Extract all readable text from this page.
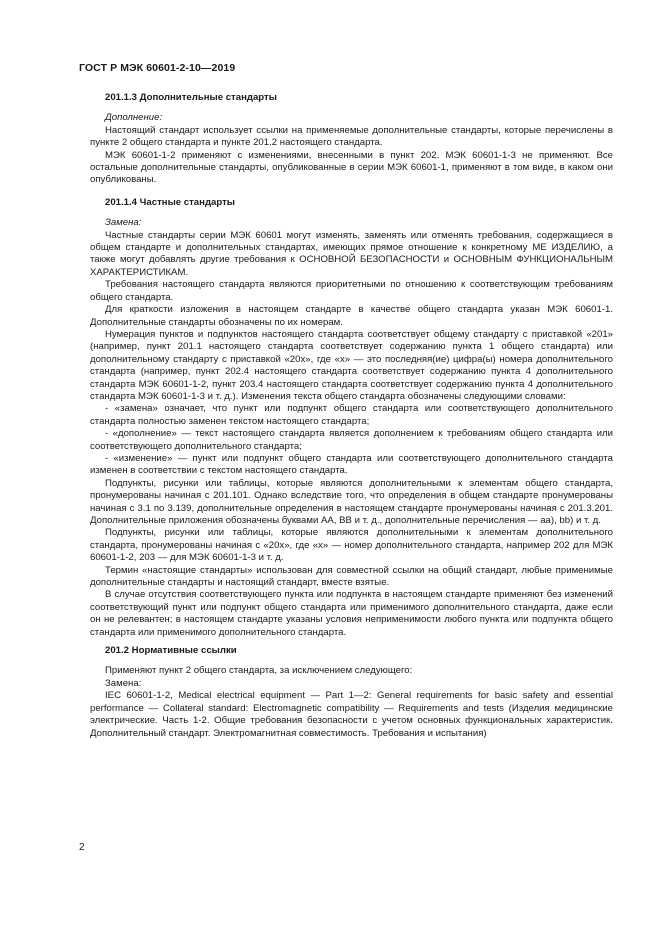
ГОСТ Р МЭК 60601-2-10—2019
201.1.3 Дополнительные стандарты

Дополнение:

Настоящий стандарт использует ссылки на применяемые дополнительные стандарты, которые перечислены в пункте 2 общего стандарта и пункте 201.2 настоящего стандарта.

МЭК 60601-1-2 применяют с изменениями, внесенными в пункт 202. МЭК 60601-1-3 не применяют. Все остальные дополнительные стандарты, опубликованные в серии МЭК 60601-1, применяют в том виде, в каком они опубликованы.

201.1.4 Частные стандарты

Замена:

Частные стандарты серии МЭК 60601 могут изменять, заменять или отменять требования, содержащиеся в общем стандарте и дополнительных стандартах, имеющих прямое отношение к конкретному МЕ ИЗДЕЛИЮ, а также могут добавлять другие требования к ОСНОВНОЙ БЕЗОПАСНОСТИ и ОСНОВНЫМ ФУНКЦИОНАЛЬНЫМ ХАРАКТЕРИСТИКАМ.

Требования настоящего стандарта являются приоритетными по отношению к соответствующим требованиям общего стандарта.

Для краткости изложения в настоящем стандарте в качестве общего стандарта указан МЭК 60601-1. Дополнительные стандарты обозначены по их номерам.

Нумерация пунктов и подпунктов настоящего стандарта соответствует общему стандарту с приставкой «201» (например, пункт 201.1 настоящего стандарта соответствует содержанию пункта 1 общего стандарта) или дополнительному стандарту с приставкой «20х», где «х» — это последняя(ие) цифра(ы) номера дополнительного стандарта (например, пункт 202.4 настоящего стандарта соответствует содержанию пункта 4 дополнительного стандарта МЭК 60601-1-2, пункт 203.4 настоящего стандарта соответствует содержанию пункта 4 дополнительного стандарта МЭК 60601-1-3 и т. д.). Изменения текста общего стандарта обозначены следующими словами:

- «замена» означает, что пункт или подпункт общего стандарта или соответствующего дополнительного стандарта полностью заменен текстом настоящего стандарта;

- «дополнение» — текст настоящего стандарта является дополнением к требованиям общего стандарта или соответствующего дополнительного стандарта;

- «изменение» — пункт или подпункт общего стандарта или соответствующего дополнительного стандарта изменен в соответствии с текстом настоящего стандарта.

Подпункты, рисунки или таблицы, которые являются дополнительными к элементам общего стандарта, пронумерованы начиная с 201.101. Однако вследствие того, что определения в общем стандарте пронумерованы начиная с 3.1 по 3.139, дополнительные определения в настоящем стандарте пронумерованы начиная с 201.3.201. Дополнительные приложения обозначены буквами АА, ВВ и т. д., дополнительные перечисления — аа), bb) и т. д.

Подпункты, рисунки или таблицы, которые являются дополнительными к элементам дополнительного стандарта, пронумерованы начиная с «20х», где «х» — номер дополнительного стандарта, например 202 для МЭК 60601-1-2, 203 — для МЭК 60601-1-3 и т. д.

Термин «настоящие стандарты» использован для совместной ссылки на общий стандарт, любые применимые дополнительные стандарты и настоящий стандарт, вместе взятые.

В случае отсутствия соответствующего пункта или подпункта в настоящем стандарте применяют без изменений соответствующий пункт или подпункт общего стандарта или применимого дополнительного стандарта, даже если он не релевантен; в настоящем стандарте указаны условия неприменимости любого пункта или подпункта общего стандарта или применимого дополнительного стандарта.

201.2 Нормативные ссылки

Применяют пункт 2 общего стандарта, за исключением следующего:

Замена:

IEC 60601-1-2, Medical electrical equipment — Part 1—2: General requirements for basic safety and essential performance — Collateral standard: Electromagnetic compatibility — Requirements and tests (Изделия медицинские электрические. Часть 1-2. Общие требования безопасности с учетом основных функциональных характеристик. Дополнительный стандарт. Электромагнитная совместимость. Требования и испытания)

2
